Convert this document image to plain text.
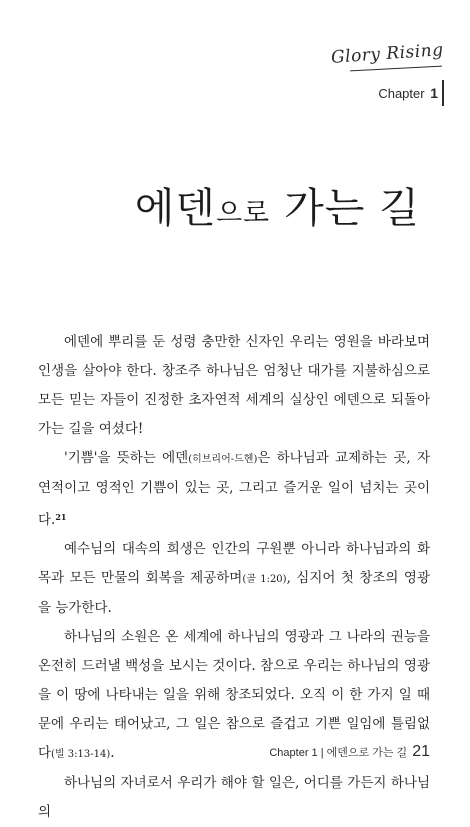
Glory Rising
Chapter 1
에덴으로 가는 길

에덴에 뿌리를 둔 성령 충만한 신자인 우리는 영원을 바라보며 인생을 살아야 한다. 창조주 하나님은 엄청난 대가를 지불하심으로 모든 믿는 자들이 진정한 초자연적 세계의 실상인 에덴으로 되돌아가는 길을 여셨다!

'기쁨'을 뜻하는 에덴(히브리어-드헨)은 하나님과 교제하는 곳, 자연적이고 영적인 기쁨이 있는 곳, 그리고 즐거운 일이 넘치는 곳이다.$^{21}$

예수님의 대속의 희생은 인간의 구원뿐 아니라 하나님과의 화목과 모든 만물의 회복을 제공하며(골 1:20), 심지어 첫 창조의 영광을 능가한다.

하나님의 소원은 온 세계에 하나님의 영광과 그 나라의 권능을 온전히 드러낼 백성을 보시는 것이다. 참으로 우리는 하나님의 영광을 이 땅에 나타내는 일을 위해 창조되었다. 오직 이 한 가지 일 때문에 우리는 태어났고, 그 일은 참으로 즐겁고 기쁜 일임에 틀림없다(빌 3:13-14).

하나님의 자녀로서 우리가 해야 할 일은, 어디를 가든지 하나님의

Chapter 1 | 에덴으로 가는 길 21
